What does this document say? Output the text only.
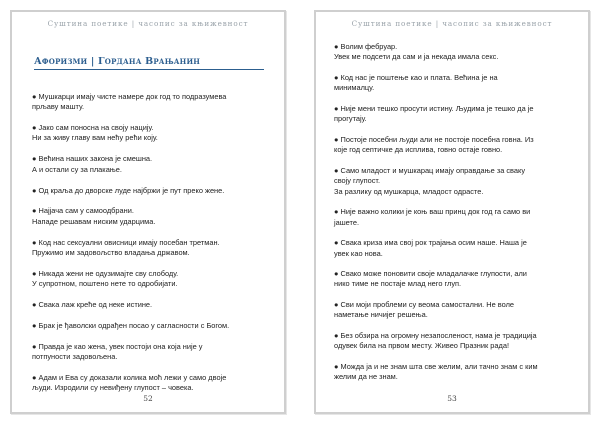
Суштина поетике | часопис за књижевност
Афоризми | Гордана Врањанин
● Мушкарци имају чисте намере док год то подразумева
прљаву машту.
● Јако сам поносна на своју нацију.
Ни за живу главу вам нећу рећи коју.
● Већина наших закона је смешна.
А и остали су за плакање.
● Од краља до дворске луде најбржи је пут преко жене.
● Најјача сам у самоодбрани.
Нападе решавам ниским ударцима.
● Код нас сексуални овисници имају посебан третман.
Пружимо им задовољство владања државом.
● Никада жени не одузимајте сву слободу.
У супротном, поштено нете то одробијати.
● Свака лаж креће од неке истине.
● Брак је ђаволски одрађен посао у сагласности с Богом.
● Правда је као жена, увек постоји она која није у
потпуности задовољена.
● Адам и Ева су доказали колика моћ лежи у само двоје
људи. Изродили су невиђену глупост – човека.
52
Суштина поетике | часопис за књижевност
● Волим фебруар.
Увек ме подсети да сам и ја некада имала секс.
● Код нас је поштење као и плата. Већина је на
минималцу.
● Није мени тешко просути истину. Људима је тешко да је
прогутају.
● Постоје посебни људи али не постоје посебна говна. Из
које год септичке да исплива, говно остаје говно.
● Само младост и мушкарац имају оправдање за сваку
своју глупост.
За разлику од мушкарца, младост одрасте.
● Није важно колики је коњ ваш принц док год га само ви
јашете.
● Свака криза има свој рок трајања осим наше. Наша је
увек као нова.
● Свако може поновити своје младалачке глупости, али
нико тиме не постаје млад него глуп.
● Сви моји проблеми су веома самостални. Не воле
наметање ничијег решења.
● Без обзира на огромну незапосленост, нама је традиција
одувек била на првом месту. Живео Празник рада!
● Можда ја и не знам шта све желим, али тачно знам с ким
желим да не знам.
53
